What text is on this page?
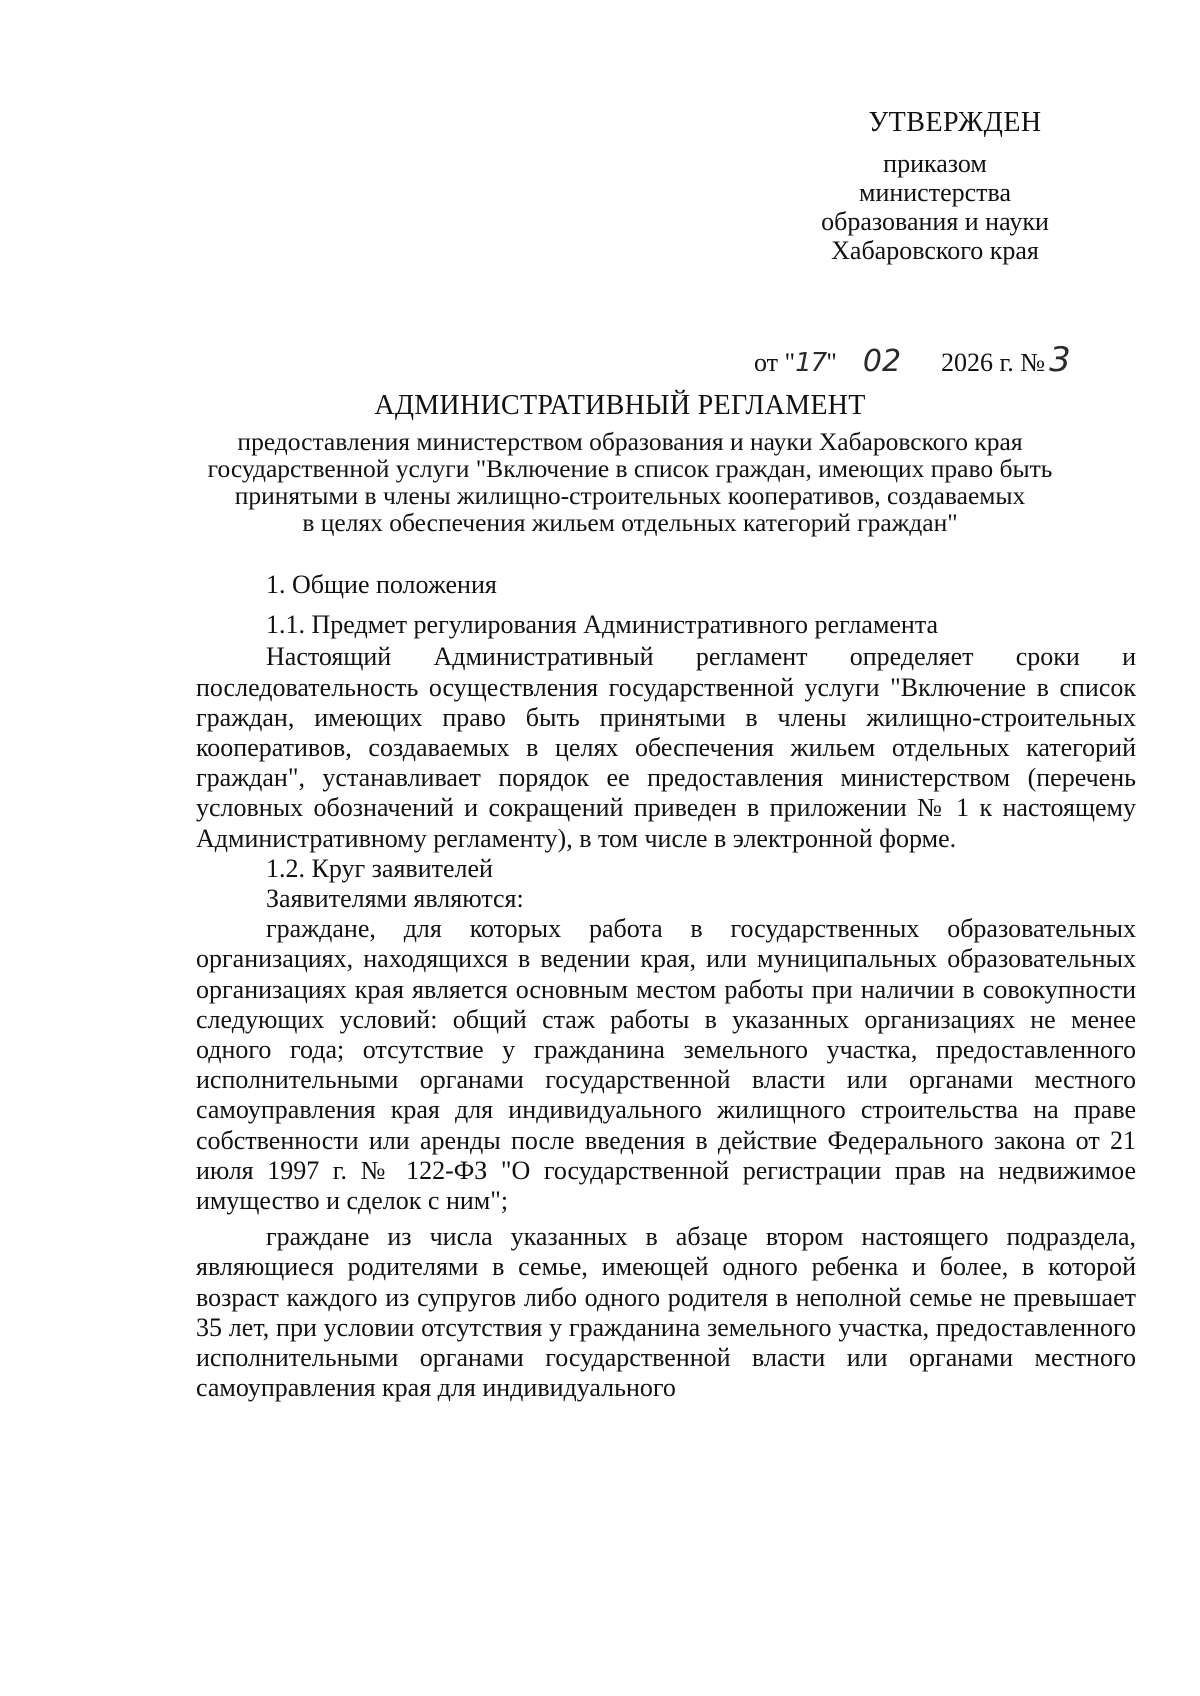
УТВЕРЖДЕН
приказом
министерства
образования и науки
Хабаровского края
от "17" 02 2026 г. № 3
АДМИНИСТРАТИВНЫЙ РЕГЛАМЕНТ
предоставления министерством образования и науки Хабаровского края
государственной услуги "Включение в список граждан, имеющих право быть
принятыми в члены жилищно-строительных кооперативов, создаваемых
в целях обеспечения жильем отдельных категорий граждан"

1. Общие положения

1.1. Предмет регулирования Административного регламента

Настоящий Административный регламент определяет сроки и последовательность осуществления государственной услуги "Включение в список граждан, имеющих право быть принятыми в члены жилищно-строительных кооперативов, создаваемых в целях обеспечения жильем отдельных категорий граждан", устанавливает порядок ее предоставления министерством (перечень условных обозначений и сокращений приведен в приложении № 1 к настоящему Административному регламенту), в том числе в электронной форме.

1.2. Круг заявителей

Заявителями являются:

граждане, для которых работа в государственных образовательных организациях, находящихся в ведении края, или муниципальных образовательных организациях края является основным местом работы при наличии в совокупности следующих условий: общий стаж работы в указанных организациях не менее одного года; отсутствие у гражданина земельного участка, предоставленного исполнительными органами государственной власти или органами местного самоуправления края для индивидуального жилищного строительства на праве собственности или аренды после введения в действие Федерального закона от 21 июля 1997 г. № 122-ФЗ "О государственной регистрации прав на недвижимое имущество и сделок с ним";

граждане из числа указанных в абзаце втором настоящего подраздела, являющиеся родителями в семье, имеющей одного ребенка и более, в которой возраст каждого из супругов либо одного родителя в неполной семье не превышает 35 лет, при условии отсутствия у гражданина земельного участка, предоставленного исполнительными органами государственной власти или органами местного самоуправления края для индивидуального
